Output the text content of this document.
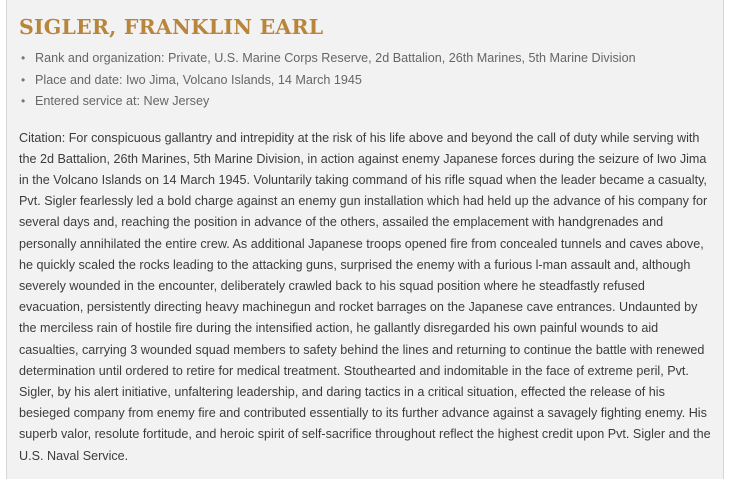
SIGLER, FRANKLIN EARL
• Rank and organization: Private, U.S. Marine Corps Reserve, 2d Battalion, 26th Marines, 5th Marine Division
• Place and date: Iwo Jima, Volcano Islands, 14 March 1945
• Entered service at: New Jersey

Citation: For conspicuous gallantry and intrepidity at the risk of his life above and beyond the call of duty while serving with the 2d Battalion, 26th Marines, 5th Marine Division, in action against enemy Japanese forces during the seizure of Iwo Jima in the Volcano Islands on 14 March 1945. Voluntarily taking command of his rifle squad when the leader became a casualty, Pvt. Sigler fearlessly led a bold charge against an enemy gun installation which had held up the advance of his company for several days and, reaching the position in advance of the others, assailed the emplacement with handgrenades and personally annihilated the entire crew. As additional Japanese troops opened fire from concealed tunnels and caves above, he quickly scaled the rocks leading to the attacking guns, surprised the enemy with a furious l-man assault and, although severely wounded in the encounter, deliberately crawled back to his squad position where he steadfastly refused evacuation, persistently directing heavy machinegun and rocket barrages on the Japanese cave entrances. Undaunted by the merciless rain of hostile fire during the intensified action, he gallantly disregarded his own painful wounds to aid casualties, carrying 3 wounded squad members to safety behind the lines and returning to continue the battle with renewed determination until ordered to retire for medical treatment. Stouthearted and indomitable in the face of extreme peril, Pvt. Sigler, by his alert initiative, unfaltering leadership, and daring tactics in a critical situation, effected the release of his besieged company from enemy fire and contributed essentially to its further advance against a savagely fighting enemy. His superb valor, resolute fortitude, and heroic spirit of self-sacrifice throughout reflect the highest credit upon Pvt. Sigler and the U.S. Naval Service.
